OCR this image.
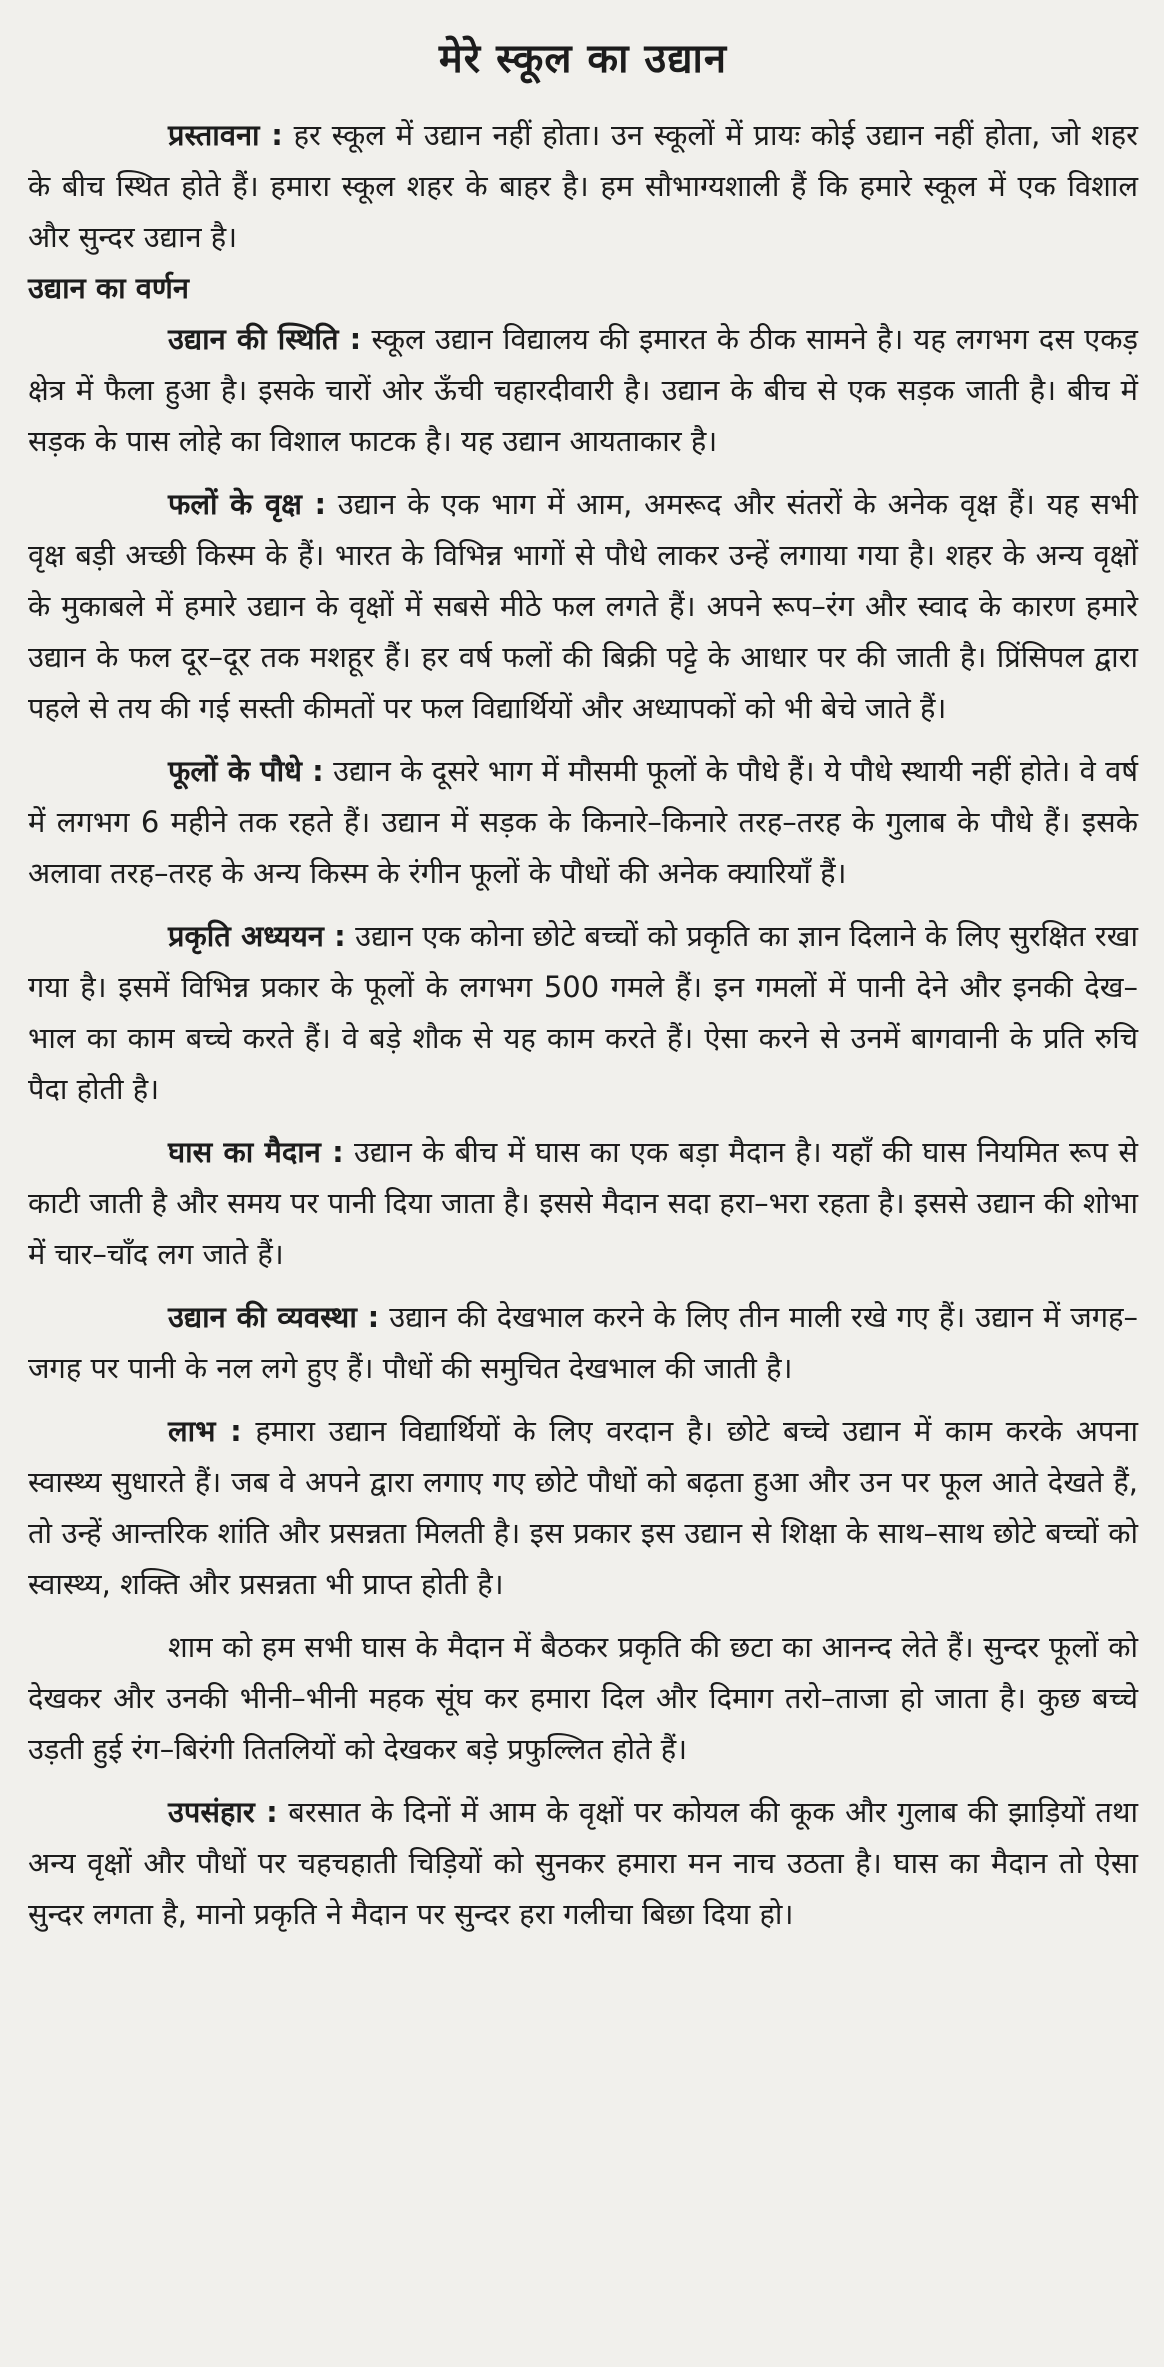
मेरे स्कूल का उद्यान

प्रस्तावना : हर स्कूल में उद्यान नहीं होता। उन स्कूलों में प्रायः कोई उद्यान नहीं होता, जो शहर के बीच स्थित होते हैं। हमारा स्कूल शहर के बाहर है। हम सौभाग्यशाली हैं कि हमारे स्कूल में एक विशाल और सुन्दर उद्यान है।

उद्यान का वर्णन

उद्यान की स्थिति : स्कूल उद्यान विद्यालय की इमारत के ठीक सामने है। यह लगभग दस एकड़ क्षेत्र में फैला हुआ है। इसके चारों ओर ऊँची चहारदीवारी है। उद्यान के बीच से एक सड़क जाती है। बीच में सड़क के पास लोहे का विशाल फाटक है। यह उद्यान आयताकार है।

फलों के वृक्ष : उद्यान के एक भाग में आम, अमरूद और संतरों के अनेक वृक्ष हैं। यह सभी वृक्ष बड़ी अच्छी किस्म के हैं। भारत के विभिन्न भागों से पौधे लाकर उन्हें लगाया गया है। शहर के अन्य वृक्षों के मुकाबले में हमारे उद्यान के वृक्षों में सबसे मीठे फल लगते हैं। अपने रूप–रंग और स्वाद के कारण हमारे उद्यान के फल दूर–दूर तक मशहूर हैं। हर वर्ष फलों की बिक्री पट्टे के आधार पर की जाती है। प्रिंसिपल द्वारा पहले से तय की गई सस्ती कीमतों पर फल विद्यार्थियों और अध्यापकों को भी बेचे जाते हैं।

फूलों के पौधे : उद्यान के दूसरे भाग में मौसमी फूलों के पौधे हैं। ये पौधे स्थायी नहीं होते। वे वर्ष में लगभग 6 महीने तक रहते हैं। उद्यान में सड़क के किनारे–किनारे तरह–तरह के गुलाब के पौधे हैं। इसके अलावा तरह–तरह के अन्य किस्म के रंगीन फूलों के पौधों की अनेक क्यारियाँ हैं।

प्रकृति अध्ययन : उद्यान एक कोना छोटे बच्चों को प्रकृति का ज्ञान दिलाने के लिए सुरक्षित रखा गया है। इसमें विभिन्न प्रकार के फूलों के लगभग 500 गमले हैं। इन गमलों में पानी देने और इनकी देख–भाल का काम बच्चे करते हैं। वे बड़े शौक से यह काम करते हैं। ऐसा करने से उनमें बागवानी के प्रति रुचि पैदा होती है।

घास का मैदान : उद्यान के बीच में घास का एक बड़ा मैदान है। यहाँ की घास नियमित रूप से काटी जाती है और समय पर पानी दिया जाता है। इससे मैदान सदा हरा–भरा रहता है। इससे उद्यान की शोभा में चार–चाँद लग जाते हैं।

उद्यान की व्यवस्था : उद्यान की देखभाल करने के लिए तीन माली रखे गए हैं। उद्यान में जगह–जगह पर पानी के नल लगे हुए हैं। पौधों की समुचित देखभाल की जाती है।

लाभ : हमारा उद्यान विद्यार्थियों के लिए वरदान है। छोटे बच्चे उद्यान में काम करके अपना स्वास्थ्य सुधारते हैं। जब वे अपने द्वारा लगाए गए छोटे पौधों को बढ़ता हुआ और उन पर फूल आते देखते हैं, तो उन्हें आन्तरिक शांति और प्रसन्नता मिलती है। इस प्रकार इस उद्यान से शिक्षा के साथ–साथ छोटे बच्चों को स्वास्थ्य, शक्ति और प्रसन्नता भी प्राप्त होती है।

शाम को हम सभी घास के मैदान में बैठकर प्रकृति की छटा का आनन्द लेते हैं। सुन्दर फूलों को देखकर और उनकी भीनी–भीनी महक सूंघ कर हमारा दिल और दिमाग तरो–ताजा हो जाता है। कुछ बच्चे उड़ती हुई रंग–बिरंगी तितलियों को देखकर बड़े प्रफुल्लित होते हैं।

उपसंहार : बरसात के दिनों में आम के वृक्षों पर कोयल की कूक और गुलाब की झाड़ियों तथा अन्य वृक्षों और पौधों पर चहचहाती चिड़ियों को सुनकर हमारा मन नाच उठता है। घास का मैदान तो ऐसा सुन्दर लगता है, मानो प्रकृति ने मैदान पर सुन्दर हरा गलीचा बिछा दिया हो।
